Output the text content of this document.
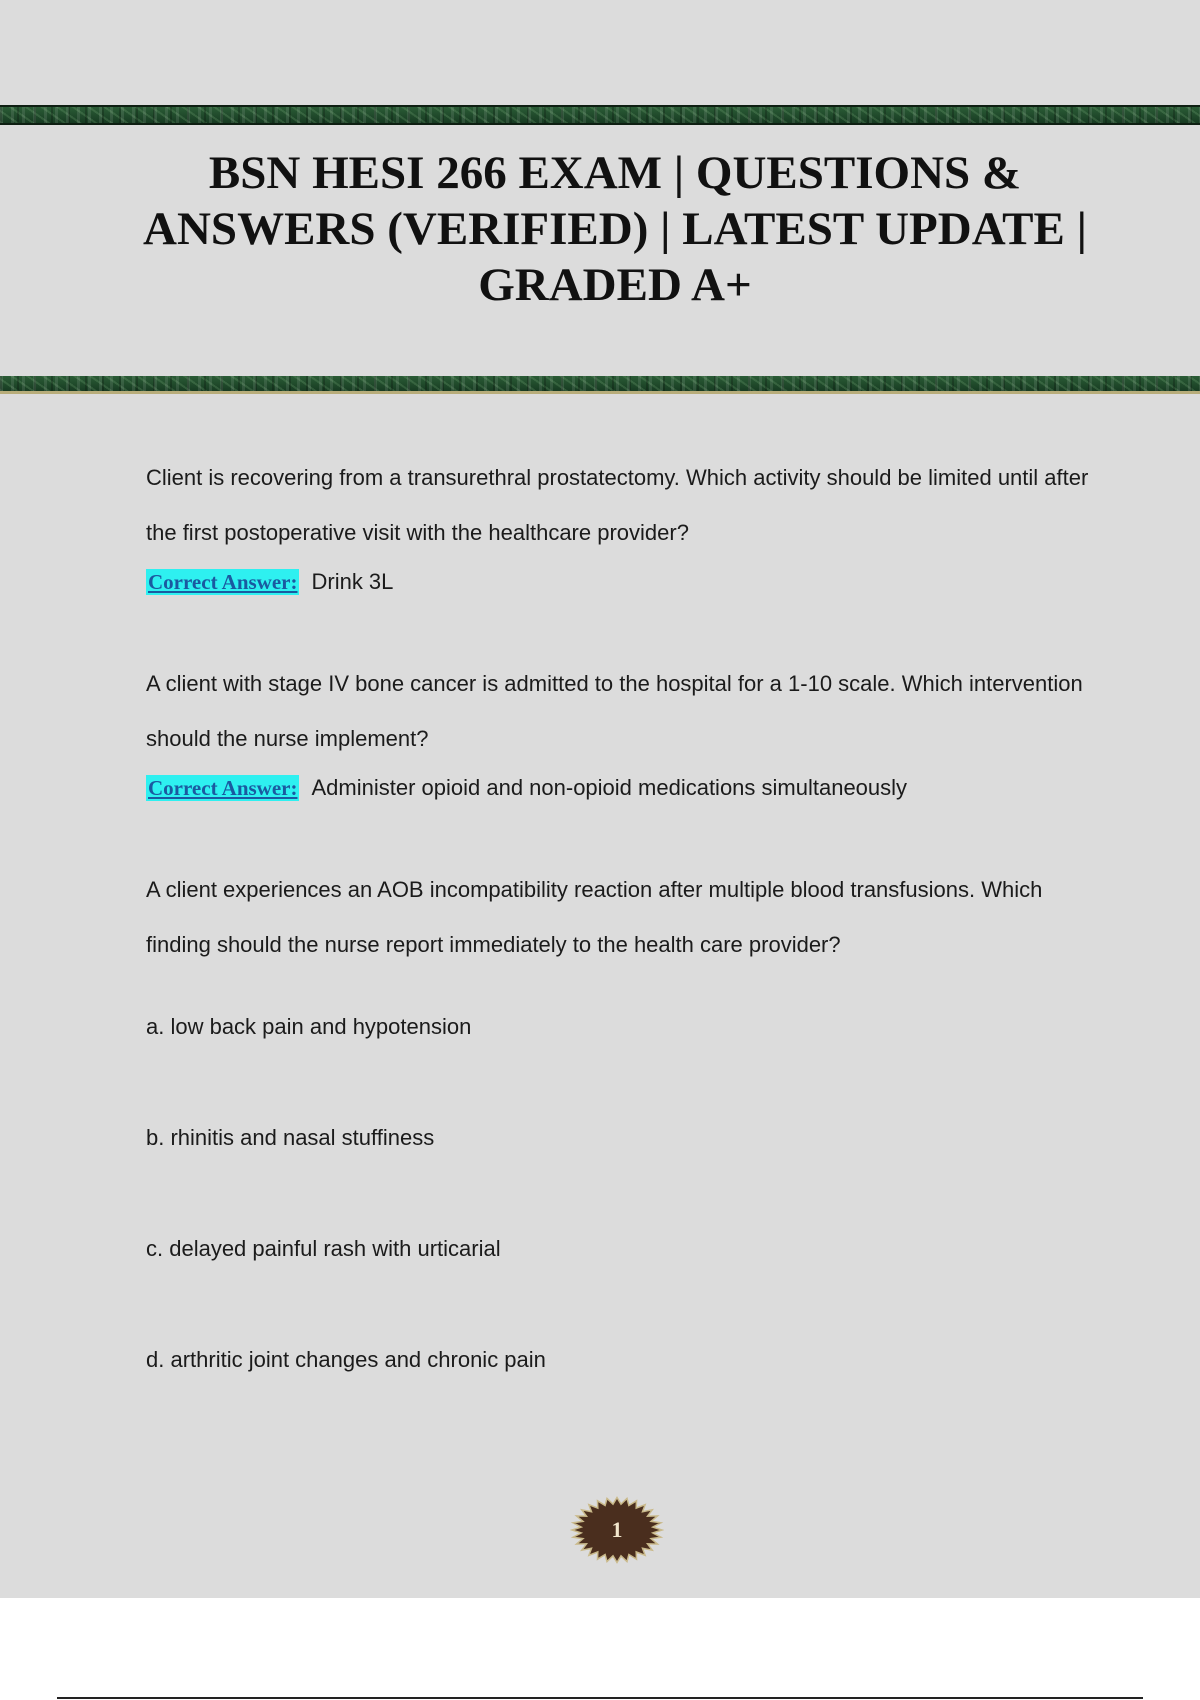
BSN HESI 266 EXAM | QUESTIONS & ANSWERS (VERIFIED) | LATEST UPDATE | GRADED A+

Client is recovering from a transurethral prostatectomy. Which activity should be limited until after the first postoperative visit with the healthcare provider?

Correct Answer: Drink 3L

A client with stage IV bone cancer is admitted to the hospital for a 1-10 scale. Which intervention should the nurse implement?

Correct Answer: Administer opioid and non-opioid medications simultaneously

A client experiences an AOB incompatibility reaction after multiple blood transfusions. Which finding should the nurse report immediately to the health care provider?

a. low back pain and hypotension

b. rhinitis and nasal stuffiness

c. delayed painful rash with urticarial

d. arthritic joint changes and chronic pain

1
